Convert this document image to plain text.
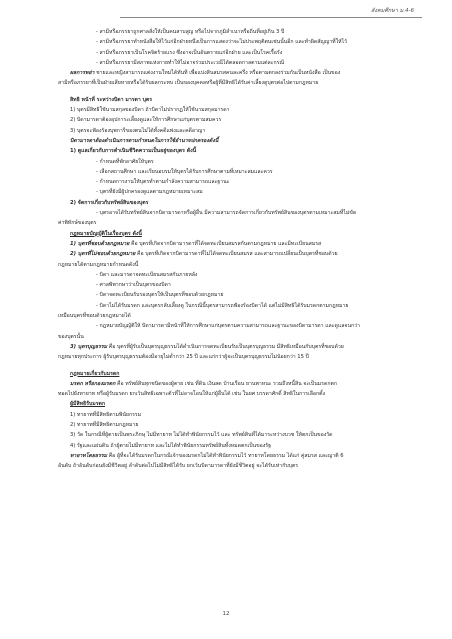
สังคมศึกษา ม.4-6
- สามีหรือภรรยาถูกศาลสั่งให้เป็นคนสาบสูญ หรือไปจากภูมิลำเนาหรือถิ่นที่อยู่เกิน 3 ปี
- สามีหรือภรรยาทำหนังสือให้ไว้แก่อีกฝ่ายหนึ่งเป็นการแสดงว่าจะไม่ประพฤติตนเช่นนั้นอีก และทำผิดสัญญาที่ให้ไว้
- สามีหรือภรรยาเป็นโรคจิตร้ายแรง ซึ่งอาจเป็นอันตรายแก่อีกฝ่าย และเป็นโรคเรื้อรัง
- สามีหรือภรรยามีสภาพแห่งกายทำให้ไม่อาจร่วมประเวณีได้ตลอดกาลตามแต่ละกรณี
ผลการหย่า ชายและหญิงสามารถแต่งงานใหม่ได้ทันที เพื่อแบ่งสินสมรสคนละครึ่ง หรือตามตกลงร่วมกันเป็นหนังสือ เป็นของ
สามีหรือภรรยาที่เป็นฝ่ายเสียหายหรือได้รับผลกระทบ เป็นของบุคคลหรือผู้ที่มีสิทธิได้รับค่าเลี้ยงดูบุตรต่อไปตามกฎหมาย
สิทธิ หน้าที่ ระหว่างบิดา มารดา บุตร
1) บุตรมีสิทธิใช้นามสกุลของบิดา ถ้าบิดาไม่ปรากฏให้ใช้นามสกุลมารดา
2) บิดามารดาต้องอุปการะเลี้ยงดูและให้การศึกษาแก่บุตรตามสมควร
3) บุตรจะฟ้องร้องบุพการีของตนไม่ได้ทั้งคดีแพ่งและคดีอาญา
บิดามารดาต้องดำเนินการตามกำหนดในการใช้อำนาจปกครองดังนี้
1) ดูแลเกี่ยวกับการดำเนินชีวิตความเป็นอยู่ของบุตร ดังนี้
- กำหนดที่พักอาศัยให้บุตร
- เลือกสถานศึกษา และเรียนอบรมให้บุตรได้รับการศึกษาตามที่เหมาะสมและควร
- กำหนดการงานให้บุตรทำตามกำลังความสามารถและฐานะ
- บุตรที่ยังมีผู้ปกครองดูแลตามกฎหมายเหมาะสม
2) จัดการเกี่ยวกับทรัพย์สินของบุตร
- บุตรอาจได้รับทรัพย์สินจากบิดามารดาหรือผู้อื่น มีความสามารถจัดการเกี่ยวกับทรัพย์สินของบุตรตามเหมาะสมที่ไม่ขัด
ค่าพิทักษ์ของบุตร
กฎหมายบัญญัติในเรื่องบุตร ดังนี้
1) บุตรที่ชอบด้วยกฎหมาย คือ บุตรที่เกิดจากบิดามารดาที่ได้จดทะเบียนสมรสกันตามกฎหมาย และมีทะเบียนสมรส
2) บุตรที่ไม่ชอบด้วยกฎหมาย คือ บุตรที่เกิดจากบิดามารดาที่ไม่ได้จดทะเบียนสมรส และสามารถเปลี่ยนเป็นบุตรที่ชอบด้วย
กฎหมายได้ตามกฎหมายกำหนดดังนี้
- บิดา และมารดาจดทะเบียนสมรสกันภายหลัง
- ศาลพิพากษาว่าเป็นบุตรของบิดา
- บิดาจดทะเบียนรับรองบุตรให้เป็นบุตรที่ชอบด้วยกฎหมาย
- บิดาไม่ได้รับมรดก และบุตรกลับเลี้ยงดู ในกรณีนี้บุตรสามารถฟ้องร้องบิดาได้ แต่ไม่มีสิทธิได้รับมรดกตามกฎหมาย
เหมือนบุตรที่ชอบด้วยกฎหมายได้
- กฎหมายบัญญัติให้ บิดามารดามีหน้าที่ให้การศึกษาแก่บุตรตามความสามารถและฐานะของบิดามารดา และดูแลจนกว่า
ของบุตรนั้น
3) บุตรบุญธรรม คือ บุตรที่ผู้รับเป็นบุตรบุญธรรมได้ดำเนินการจดทะเบียนรับเป็นบุตรบุญธรรม มีสิทธิเหมือนกับบุตรที่ชอบด้วย
กฎหมายทุกประการ ผู้รับบุตรบุญธรรมต้องมีอายุไม่ต่ำกว่า 25 ปี และแก่กว่าผู้จะเป็นบุตรบุญธรรมไม่น้อยกว่า 15 ปี
กฎหมายเกี่ยวกับมรดก
มรดก หรือกองมรดก คือ ทรัพย์สินทุกชนิดของผู้ตาย เช่น ที่ดิน เงินสด บ้านเรือน ยานพาหนะ รวมถึงหนี้สิน จะเป็นมรดกตก
ทอดไปยังทายาท หรือผู้รับมรดก ยกเว้นสิทธิเฉพาะตัวที่ไม่อาจโอนให้แก่ผู้อื่นได้ เช่น ในยศ บรรดาศักดิ์ สิทธิในการเลือกตั้ง
ผู้มีสิทธิรับมรดก
1) ทายาทที่มีสิทธิตามพินัยกรรม
2) ทายาทที่มีสิทธิตามกฎหมาย
3) วัด ในกรณีที่ผู้ตายเป็นพระภิกษุ ไม่มีทายาท ไม่ได้ทำพินัยกรรมไว้ และ ทรัพย์สินที่ได้มาระหว่างบวช ให้ตกเป็นของวัด
4) รัฐและแผ่นดิน ถ้าผู้ตายไม่มีทายาท และไม่ได้ทำพินัยกรรมทรัพย์สินทั้งหมดตกเป็นของรัฐ
ทายาทโดยธรรม คือ ผู้ที่จะได้รับมรดกในกรณีเจ้าของมรดกไม่ได้ทำพินัยกรรมไว้ ทายาทโดยธรรม ได้แก่ คู่สมรส และญาติ 6
อันดับ ถ้าอันดับก่อนยังมีชีวิตอยู่ ลำดับต่อไปไม่มีสิทธิได้รับ ยกเว้นบิดามารดาที่ยังมีชีวิตอยู่ จะได้รับเท่ากับบุตร
12
